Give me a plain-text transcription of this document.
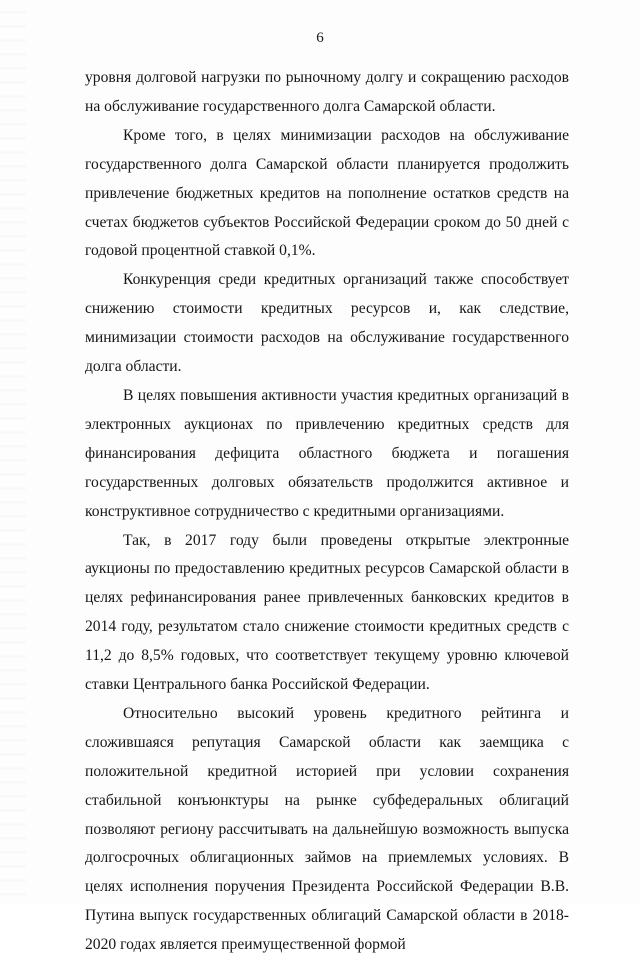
6

уровня долговой нагрузки по рыночному долгу и сокращению расходов на обслуживание государственного долга Самарской области.

Кроме того, в целях минимизации расходов на обслуживание государственного долга Самарской области планируется продолжить привлечение бюджетных кредитов на пополнение остатков средств на счетах бюджетов субъектов Российской Федерации сроком до 50 дней с годовой процентной ставкой 0,1%.

Конкуренция среди кредитных организаций также способствует снижению стоимости кредитных ресурсов и, как следствие, минимизации стоимости расходов на обслуживание государственного долга области.

В целях повышения активности участия кредитных организаций в электронных аукционах по привлечению кредитных средств для финансирования дефицита областного бюджета и погашения государственных долговых обязательств продолжится активное и конструктивное сотрудничество с кредитными организациями.

Так, в 2017 году были проведены открытые электронные аукционы по предоставлению кредитных ресурсов Самарской области в целях рефинансирования ранее привлеченных банковских кредитов в 2014 году, результатом стало снижение стоимости кредитных средств с 11,2 до 8,5% годовых, что соответствует текущему уровню ключевой ставки Центрального банка Российской Федерации.

Относительно высокий уровень кредитного рейтинга и сложившаяся репутация Самарской области как заемщика с положительной кредитной историей при условии сохранения стабильной конъюнктуры на рынке субфедеральных облигаций позволяют региону рассчитывать на дальнейшую возможность выпуска долгосрочных облигационных займов на приемлемых условиях. В целях исполнения поручения Президента Российской Федерации В.В. Путина выпуск государственных облигаций Самарской области в 2018-2020 годах является преимущественной формой
